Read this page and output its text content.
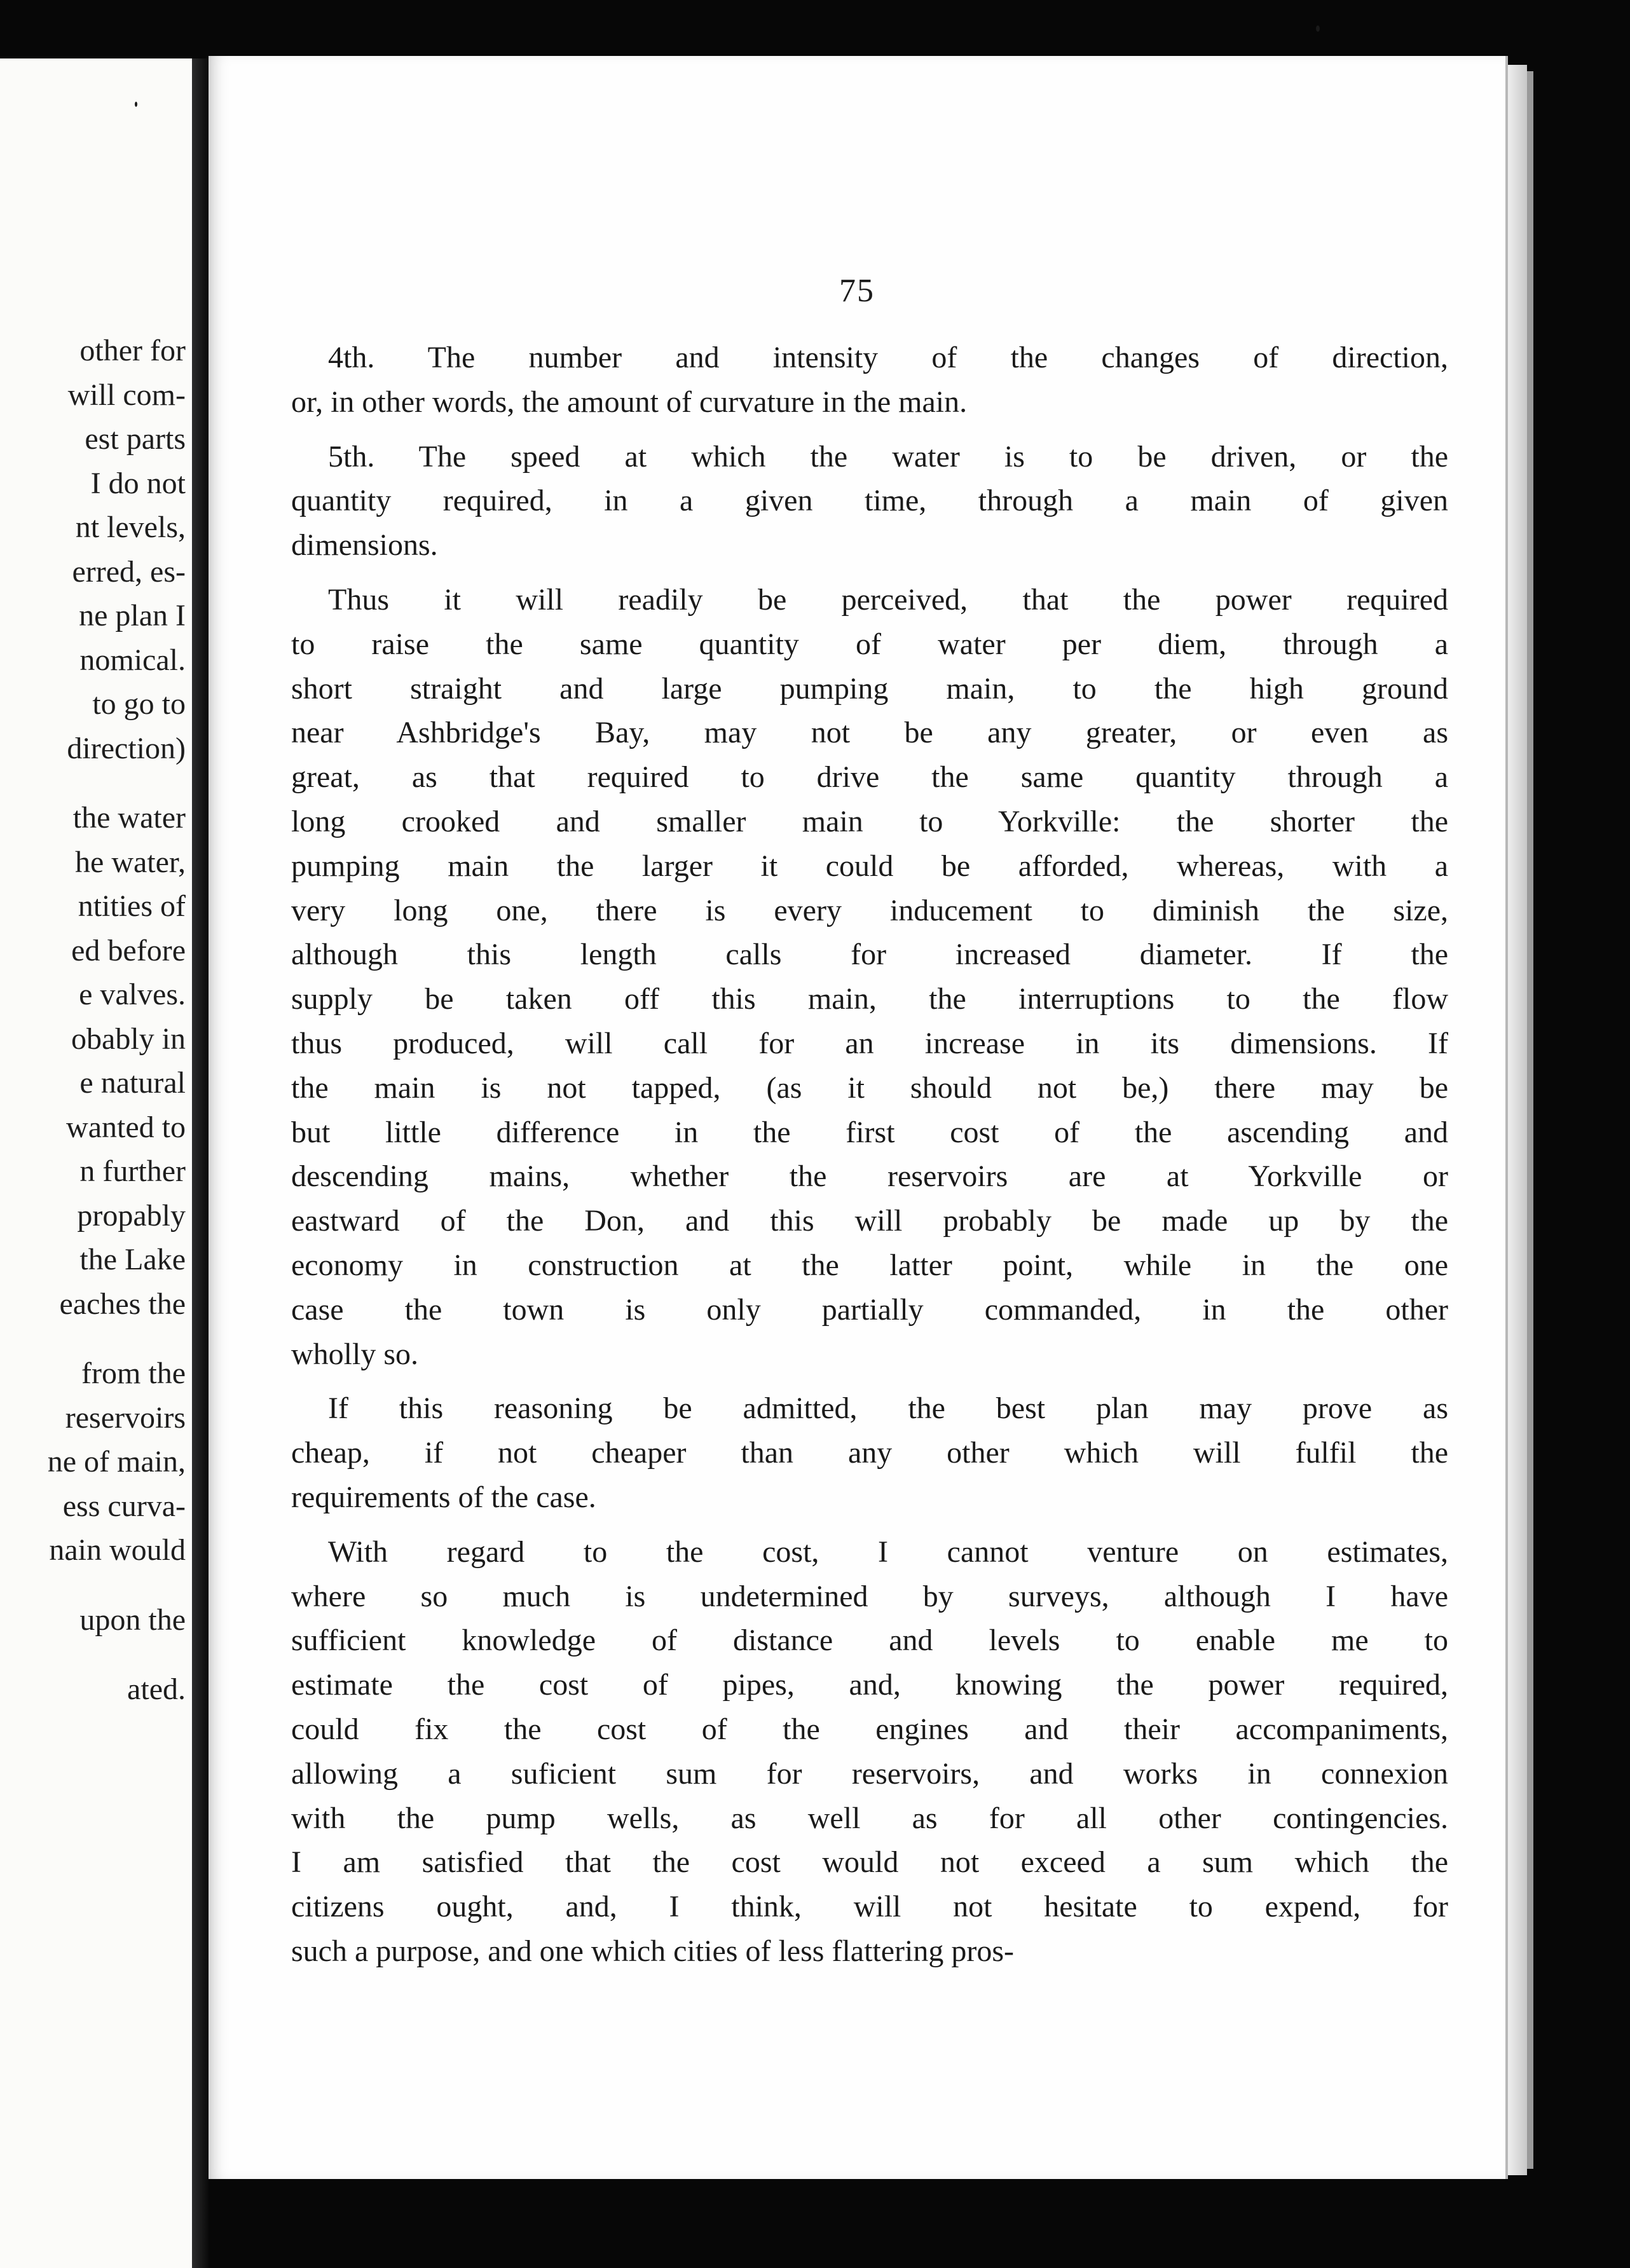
other for
will com-
est parts
I do not
nt levels,
erred, es-
ne plan I
nomical.
to go to
direction)
the water
he water,
ntities of
ed before
e valves.
obably in
e natural
wanted to
n further
propably
the Lake
eaches the
from the
reservoirs
ne of main,
ess curva-
nain would
upon the
ated.
75
4th. The number and intensity of the changes of direction,
or, in other words, the amount of curvature in the main.
5th. The speed at which the water is to be driven, or the
quantity required, in a given time, through a main of given
dimensions.
Thus it will readily be perceived, that the power required
to raise the same quantity of water per diem, through a
short straight and large pumping main, to the high ground
near Ashbridge's Bay, may not be any greater, or even as
great, as that required to drive the same quantity through a
long crooked and smaller main to Yorkville: the shorter the
pumping main the larger it could be afforded, whereas, with a
very long one, there is every inducement to diminish the size,
although this length calls for increased diameter. If the
supply be taken off this main, the interruptions to the flow
thus produced, will call for an increase in its dimensions. If
the main is not tapped, (as it should not be,) there may be
but little difference in the first cost of the ascending and
descending mains, whether the reservoirs are at Yorkville or
eastward of the Don, and this will probably be made up by the
economy in construction at the latter point, while in the one
case the town is only partially commanded, in the other
wholly so.
If this reasoning be admitted, the best plan may prove as
cheap, if not cheaper than any other which will fulfil the
requirements of the case.
With regard to the cost, I cannot venture on estimates,
where so much is undetermined by surveys, although I have
sufficient knowledge of distance and levels to enable me to
estimate the cost of pipes, and, knowing the power required,
could fix the cost of the engines and their accompaniments,
allowing a suficient sum for reservoirs, and works in connexion
with the pump wells, as well as for all other contingencies.
I am satisfied that the cost would not exceed a sum which the
citizens ought, and, I think, will not hesitate to expend, for
such a purpose, and one which cities of less flattering pros-
